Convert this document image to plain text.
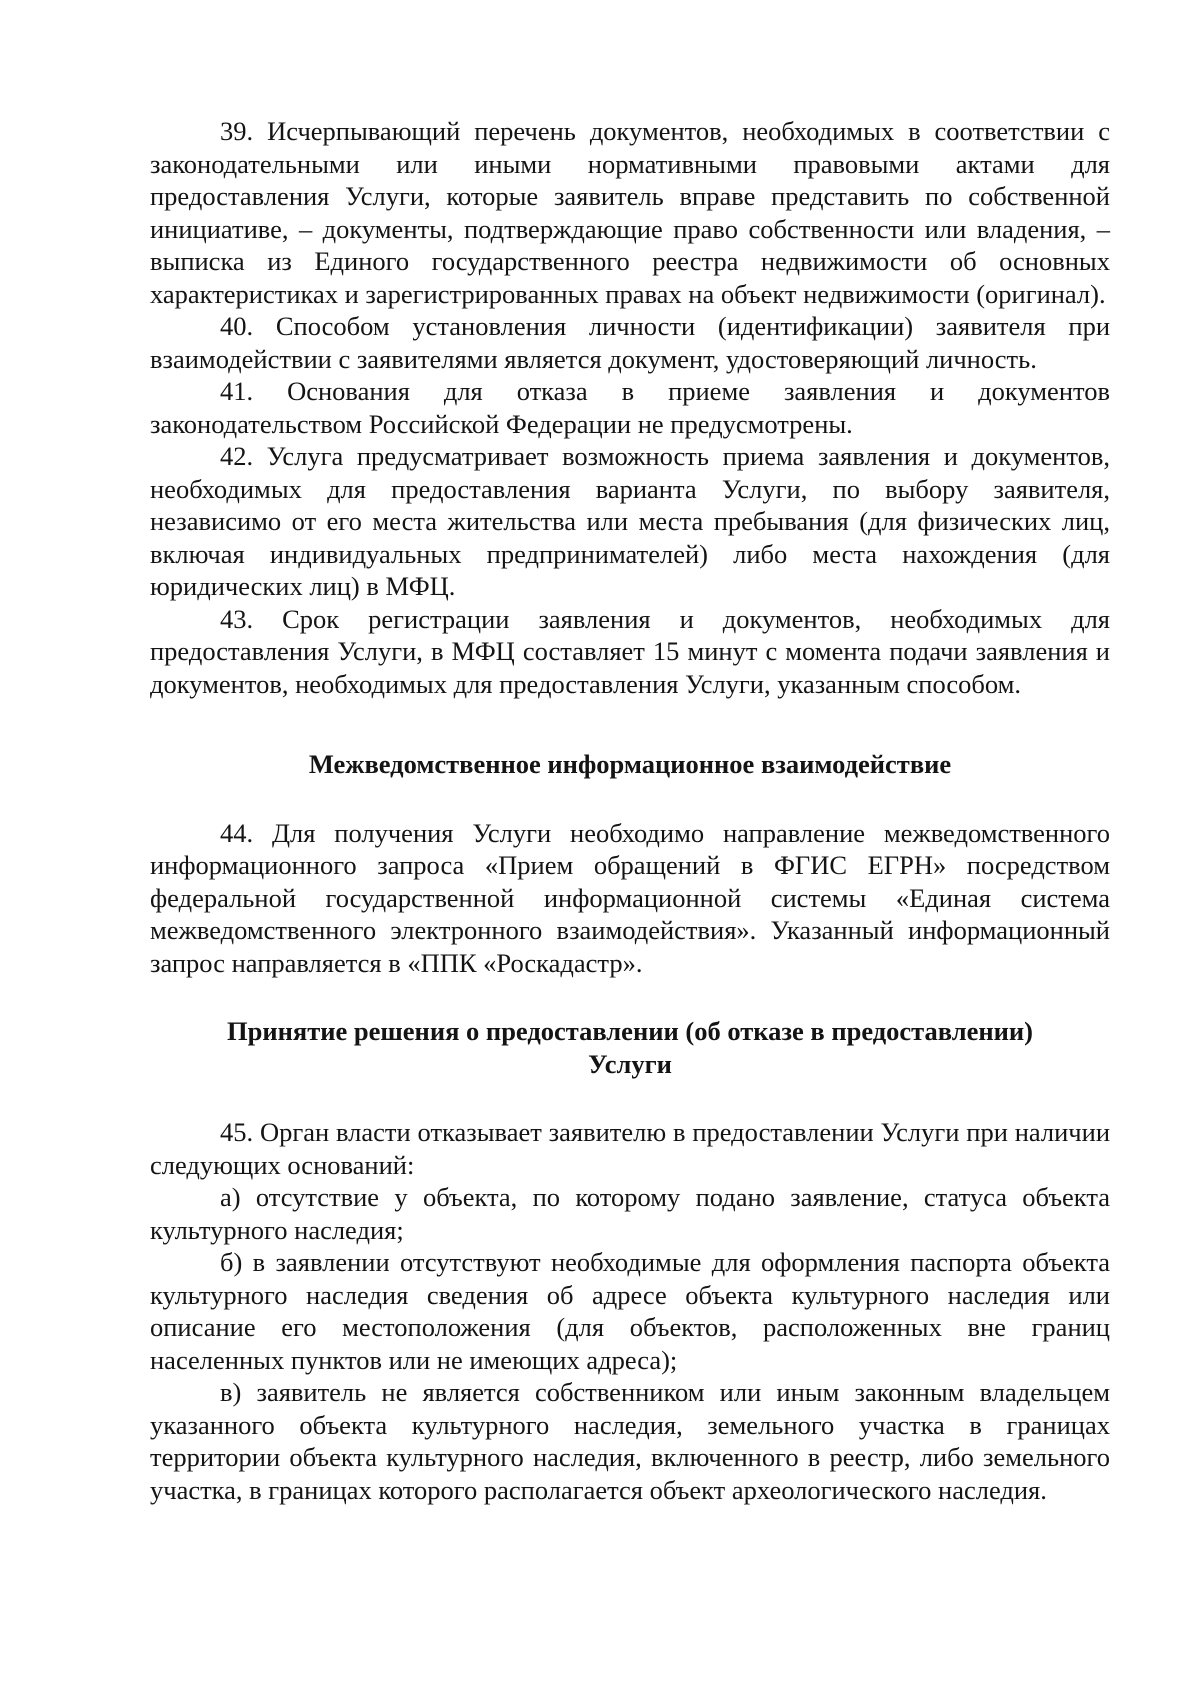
39. Исчерпывающий перечень документов, необходимых в соответствии с законодательными или иными нормативными правовыми актами для предоставления Услуги, которые заявитель вправе представить по собственной инициативе, – документы, подтверждающие право собственности или владения, – выписка из Единого государственного реестра недвижимости об основных характеристиках и зарегистрированных правах на объект недвижимости (оригинал).

40. Способом установления личности (идентификации) заявителя при взаимодействии с заявителями является документ, удостоверяющий личность.

41. Основания для отказа в приеме заявления и документов законодательством Российской Федерации не предусмотрены.

42. Услуга предусматривает возможность приема заявления и документов, необходимых для предоставления варианта Услуги, по выбору заявителя, независимо от его места жительства или места пребывания (для физических лиц, включая индивидуальных предпринимателей) либо места нахождения (для юридических лиц) в МФЦ.

43. Срок регистрации заявления и документов, необходимых для предоставления Услуги, в МФЦ составляет 15 минут с момента подачи заявления и документов, необходимых для предоставления Услуги, указанным способом.

Межведомственное информационное взаимодействие

44. Для получения Услуги необходимо направление межведомственного информационного запроса «Прием обращений в ФГИС ЕГРН» посредством федеральной государственной информационной системы «Единая система межведомственного электронного взаимодействия». Указанный информационный запрос направляется в «ППК «Роскадастр».

Принятие решения о предоставлении (об отказе в предоставлении)
Услуги

45. Орган власти отказывает заявителю в предоставлении Услуги при наличии следующих оснований:

а) отсутствие у объекта, по которому подано заявление, статуса объекта культурного наследия;

б) в заявлении отсутствуют необходимые для оформления паспорта объекта культурного наследия сведения об адресе объекта культурного наследия или описание его местоположения (для объектов, расположенных вне границ населенных пунктов или не имеющих адреса);

в) заявитель не является собственником или иным законным владельцем указанного объекта культурного наследия, земельного участка в границах территории объекта культурного наследия, включенного в реестр, либо земельного участка, в границах которого располагается объект археологического наследия.
